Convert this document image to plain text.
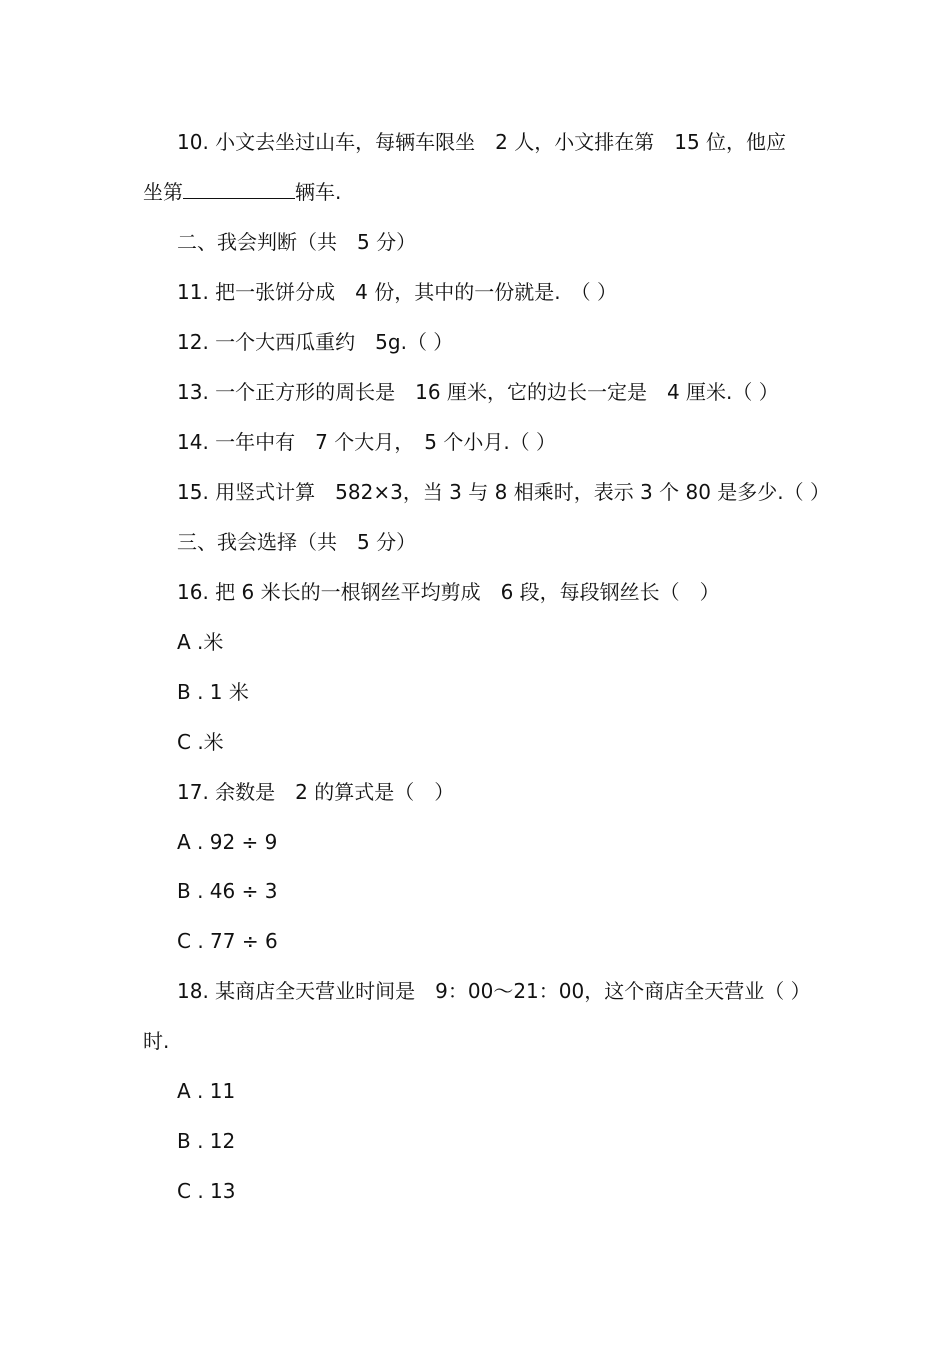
10. 小文去坐过山车，每辆车限坐　2 人，小文排在第　15 位，他应
坐第	辆车.
二、我会判断（共　5 分）
11. 把一张饼分成　4 份，其中的一份就是.　（ ）
12. 一个大西瓜重约　5g.（ ）
13. 一个正方形的周长是　16 厘米，它的边长一定是　4 厘米.（ ）
14. 一年中有　7 个大月，　5 个小月.（ ）
15. 用竖式计算　582×3，当 3 与 8 相乘时，表示 3 个 80 是多少.（ ）
三、我会选择（共　5 分）
16. 把 6 米长的一根钢丝平均剪成　6 段，每段钢丝长（　）
A .米
B . 1 米
C .米
17. 余数是　2 的算式是（　）
A . 92 ÷ 9
B . 46 ÷ 3
C . 77 ÷ 6
18. 某商店全天营业时间是　9：00～21：00，这个商店全天营业（ ）
时.
A . 11
B . 12
C . 13
